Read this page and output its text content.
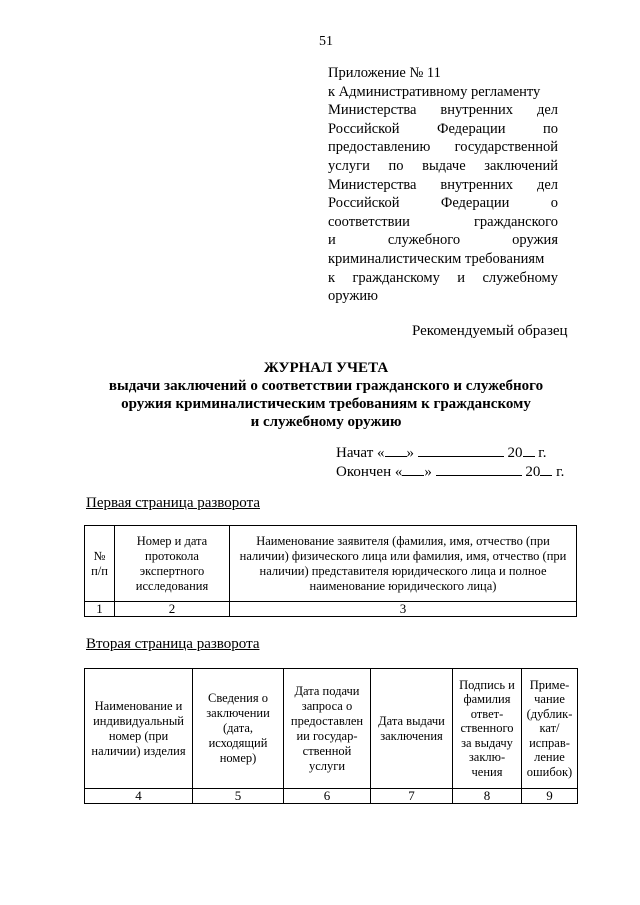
51
Приложение № 11
к Административному регламенту
Министерства внутренних дел
Российской	Федерации	по
предоставлению государственной
услуги по выдаче заключений
Министерства внутренних дел
Российской	Федерации	о
соответствии	гражданского
и	служебного	оружия
криминалистическим требованиям
к гражданскому и служебному
оружию
Рекомендуемый образец
ЖУРНАЛ УЧЕТА
выдачи заключений о соответствии гражданского и служебного
оружия криминалистическим требованиям к гражданскому
и служебному оружию
Начат « »	20 г.
Окончен « »	20 г.
Первая страница разворота
№ п/п	Номер и дата протокола экспертного исследования	Наименование заявителя (фамилия, имя, отчество (при наличии) физического лица или фамилия, имя, отчество (при наличии) представителя юридического лица и полное наименование юридического лица)
1	2	3
Вторая страница разворота
Наименование и индивидуальный номер (при наличии) изделия	Сведения о заключении (дата, исходящий номер)	Дата подачи запроса о предоставлен ии государ-ственной услуги	Дата выдачи заключения	Подпись и фамилия ответ-ственного за выдачу заклю-чения	Приме-чание (дублик-кат/ исправ-ление ошибок)
4	5	6	7	8	9
